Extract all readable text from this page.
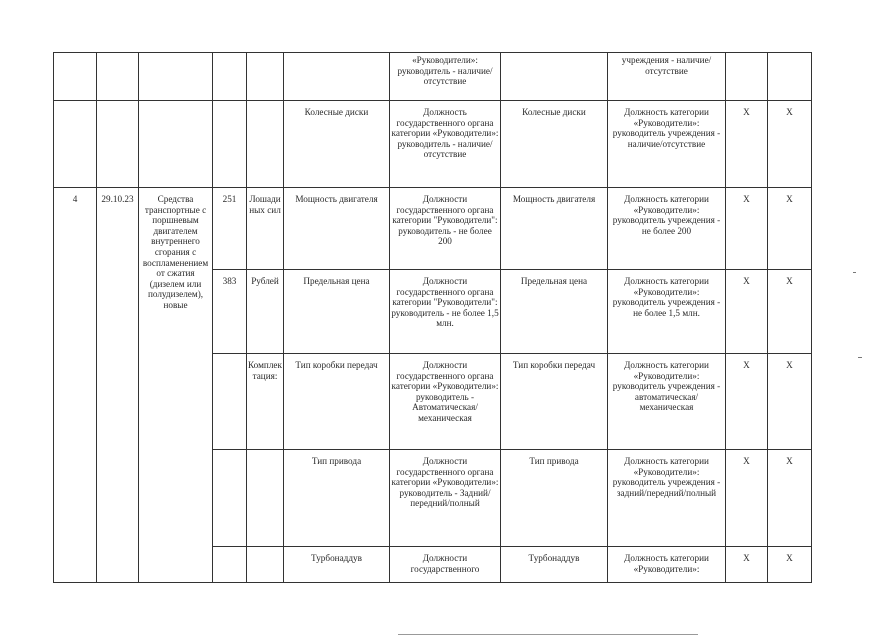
						«Руководители»: руководитель - наличие/отсутствие		учреждения - наличие/отсутствие		
					Колесные диски	Должность государственного органа категории «Руководители»: руководитель - наличие/отсутствие	Колесные диски	Должность категории «Руководители»: руководитель учреждения - наличие/отсутствие	Х	Х
4	29.10.23	Средства транспортные с поршневым двигателем внутреннего сгорания с воспламенением от сжатия (дизелем или полудизелем), новые	251	Лошадиных сил	Мощность двигателя	Должности государственного органа категории "Руководители": руководитель - не более 200	Мощность двигателя	Должность категории «Руководители»: руководитель учреждения - не более 200	Х	Х
			383	Рублей	Предельная цена	Должности государственного органа категории "Руководители": руководитель - не более 1,5 млн.	Предельная цена	Должность категории «Руководители»: руководитель учреждения - не более 1,5 млн.	Х	Х
				Комплектация:	Тип коробки передач	Должности государственного органа категории «Руководители»: руководитель - Автоматическая/механическая	Тип коробки передач	Должность категории «Руководители»: руководитель учреждения - автоматическая/механическая	Х	Х
					Тип привода	Должности государственного органа категории «Руководители»: руководитель - Задний/передний/полный	Тип привода	Должность категории «Руководители»: руководитель учреждения - задний/передний/полный	Х	Х
					Турбонаддув	Должности государственного	Турбонаддув	Должность категории «Руководители»:	Х	Х
